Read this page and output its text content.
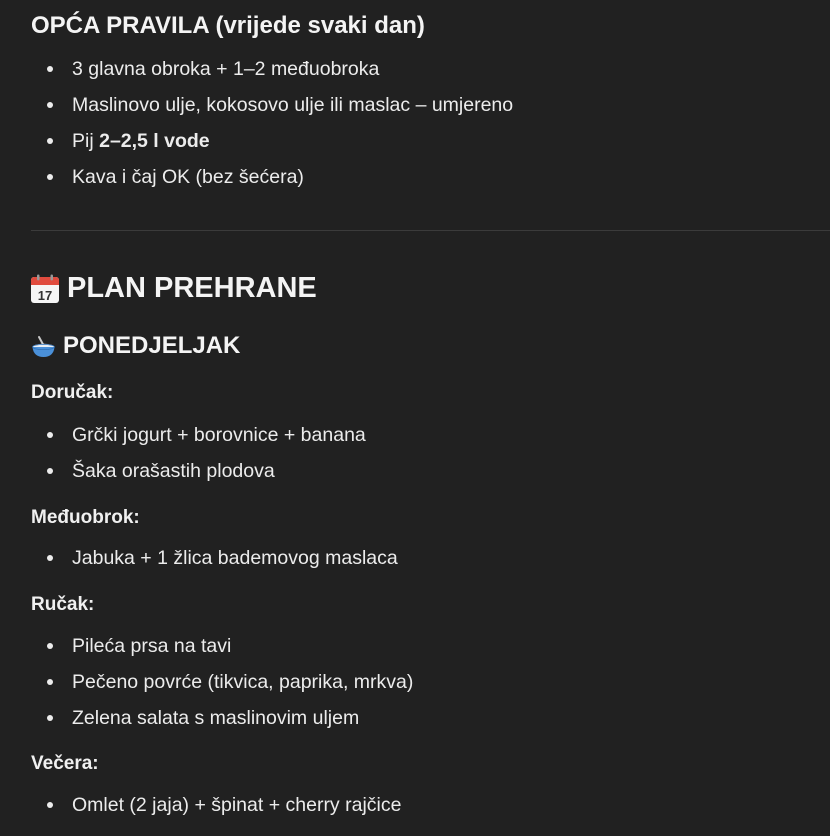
OPĆA PRAVILA (vrijede svaki dan)
3 glavna obroka + 1–2 međuobroka
Maslinovo ulje, kokosovo ulje ili maslac – umjereno
Pij 2–2,5 l vode
Kava i čaj OK (bez šećera)
17 PLAN PREHRANE
PONEDJELJAK
Doručak:
Grčki jogurt + borovnice + banana
Šaka orašastih plodova
Međuobrok:
Jabuka + 1 žlica bademovog maslaca
Ručak:
Pileća prsa na tavi
Pečeno povrće (tikvica, paprika, mrkva)
Zelena salata s maslinovim uljem
Večera:
Omlet (2 jaja) + špinat + cherry rajčice
